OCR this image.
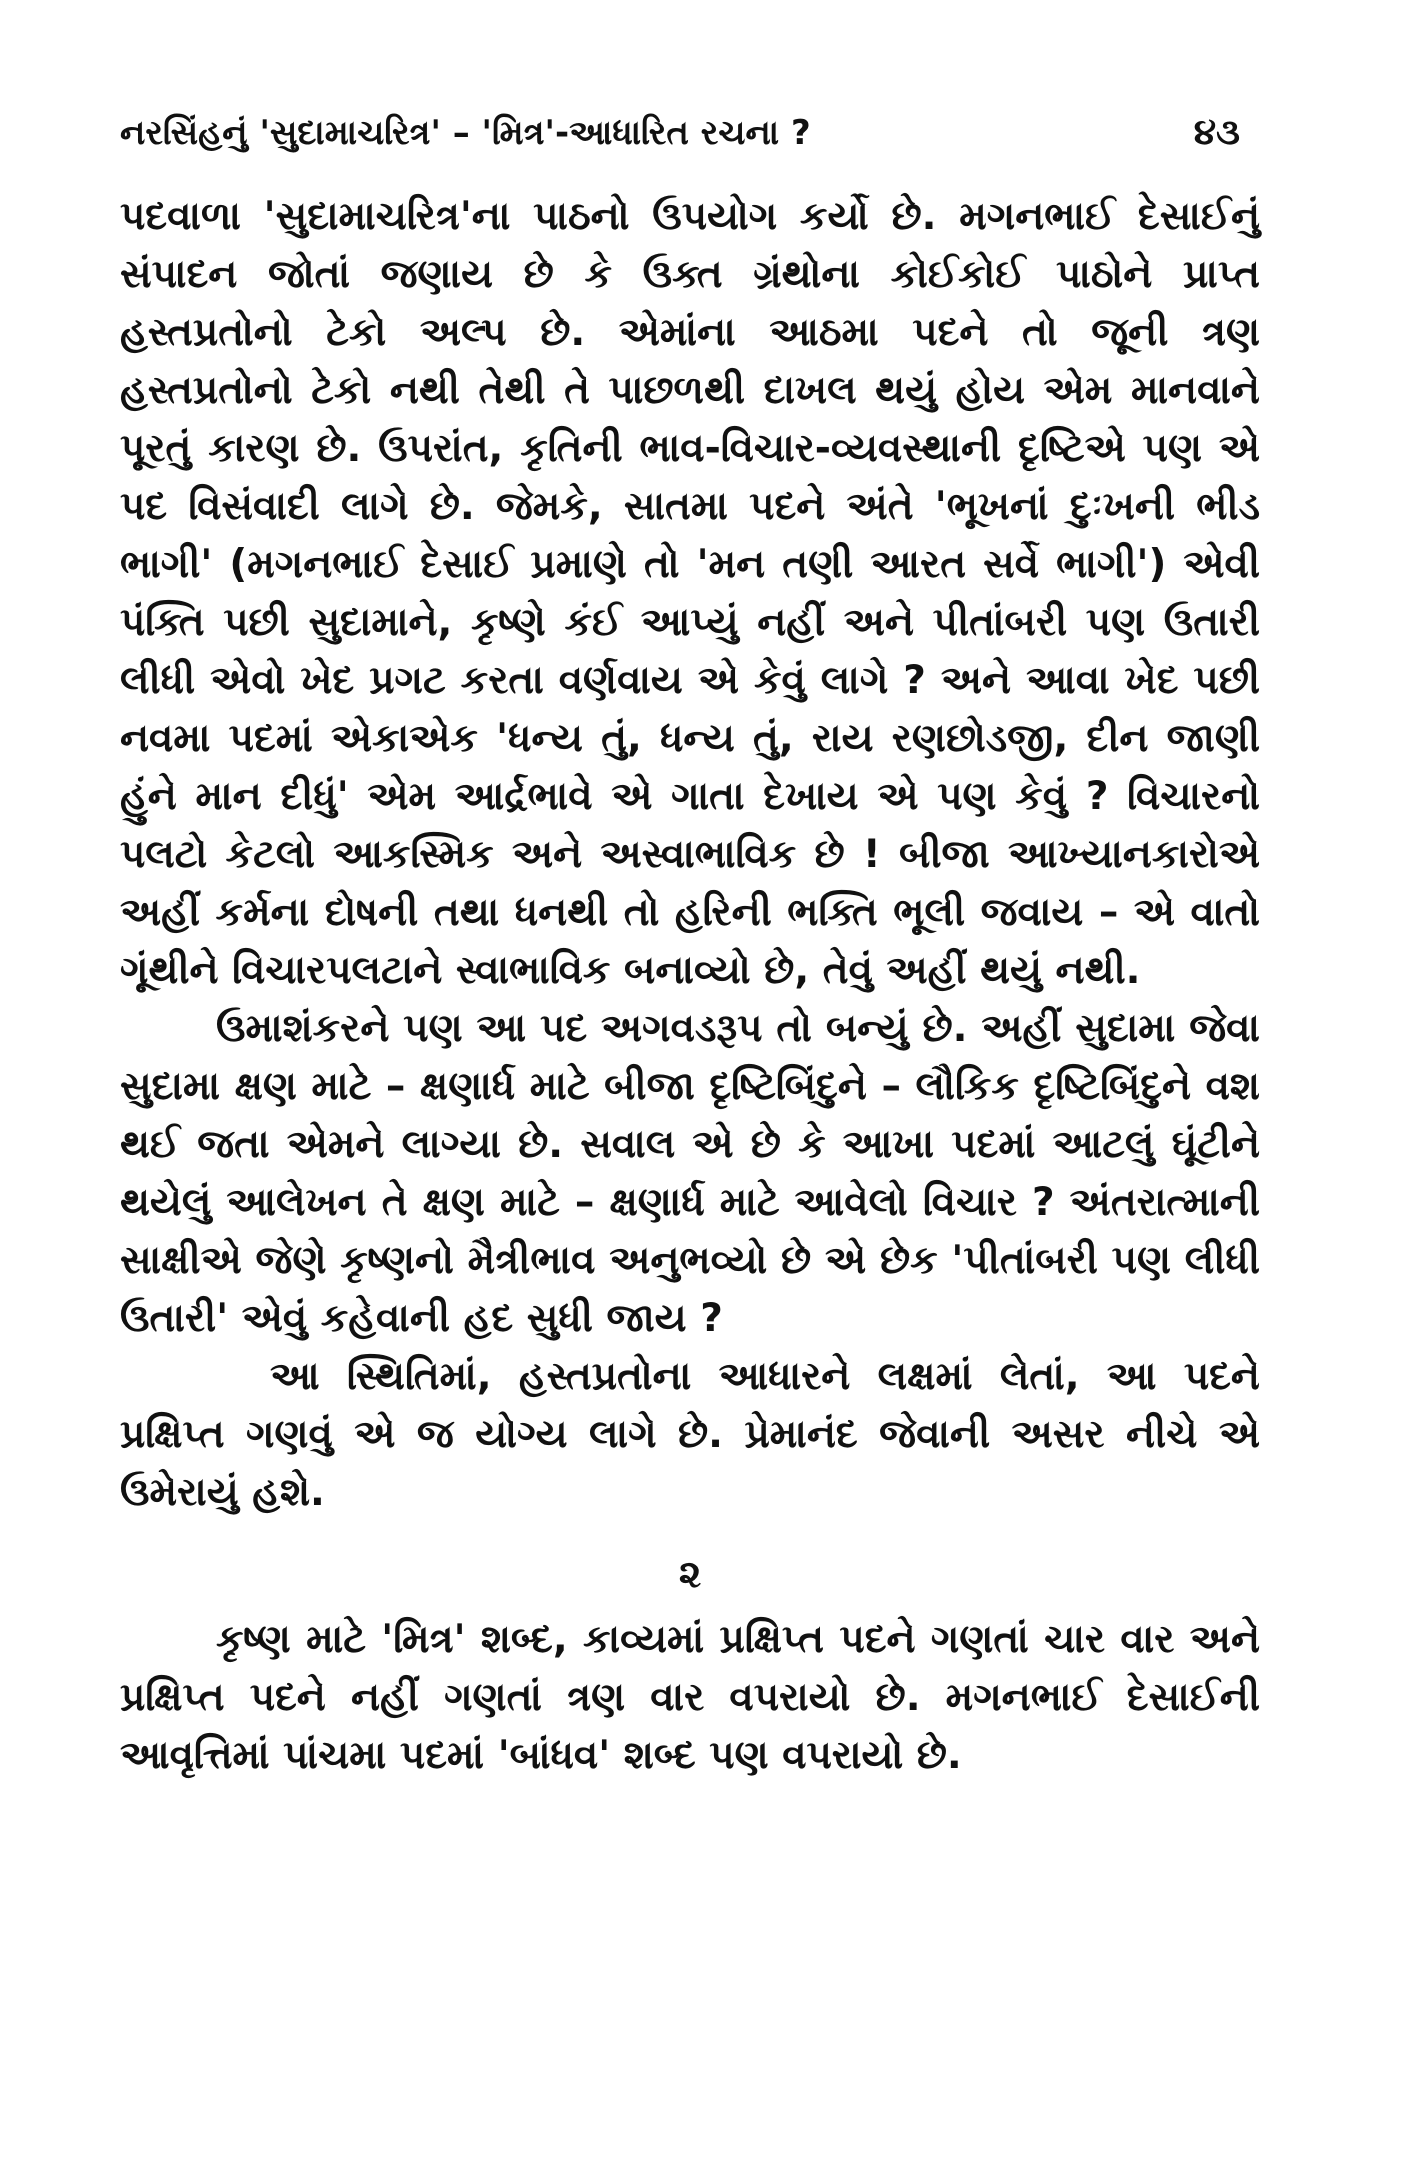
નરસિંહનું 'સુદામાચરિત્ર' – 'મિત્ર'-આધારિત રચના ?	૪૩

પદવાળા 'સુદામાચરિત્ર'ના પાઠનો ઉપયોગ કર્યો છે. મગનભાઈ દેસાઈનું સંપાદન જોતાં જણાય છે કે ઉક્ત ગ્રંથોના કોઈકોઈ પાઠોને પ્રાપ્ત હસ્તપ્રતોનો ટેકો અલ્પ છે. એમાંના આઠમા પદને તો જૂની ત્રણ હસ્તપ્રતોનો ટેકો નથી તેથી તે પાછળથી દાખલ થયું હોય એમ માનવાને પૂરતું કારણ છે. ઉપરાંત, કૃતિની ભાવ-વિચાર-વ્યવસ્થાની દૃષ્ટિએ પણ એ પદ વિસંવાદી લાગે છે. જેમકે, સાતમા પદને અંતે 'ભૂખનાં દુઃખની ભીડ ભાગી' (મગનભાઈ દેસાઈ પ્રમાણે તો 'મન તણી આરત સર્વે ભાગી') એવી પંક્તિ પછી સુદામાને, કૃષ્ણે કંઈ આપ્યું નહીં અને પીતાંબરી પણ ઉતારી લીધી એવો ખેદ પ્રગટ કરતા વર્ણવાય એ કેવું લાગે ? અને આવા ખેદ પછી નવમા પદમાં એકાએક 'ધન્ય તું, ધન્ય તું, રાય રણછોડજી, દીન જાણી હુંને માન દીધું' એમ આર્દ્રભાવે એ ગાતા દેખાય એ પણ કેવું ? વિચારનો પલટો કેટલો આકસ્મિક અને અસ્વાભાવિક છે ! બીજા આખ્યાનકારોએ અહીં કર્મના દોષની તથા ધનથી તો હરિની ભક્તિ ભૂલી જવાય – એ વાતો ગૂંથીને વિચારપલટાને સ્વાભાવિક બનાવ્યો છે, તેવું અહીં થયું નથી.

ઉમાશંકરને પણ આ પદ અગવડરૂપ તો બન્યું છે. અહીં સુદામા જેવા સુદામા ક્ષણ માટે – ક્ષણાર્ધ માટે બીજા દૃષ્ટિબિંદુને – લૌકિક દૃષ્ટિબિંદુને વશ થઈ જતા એમને લાગ્યા છે. સવાલ એ છે કે આખા પદમાં આટલું ઘૂંટીને થયેલું આલેખન તે ક્ષણ માટે – ક્ષણાર્ધ માટે આવેલો વિચાર ? અંતરાત્માની સાક્ષીએ જેણે કૃષ્ણનો મૈત્રીભાવ અનુભવ્યો છે એ છેક 'પીતાંબરી પણ લીધી ઉતારી' એવું કહેવાની હદ સુધી જાય ?

આ સ્થિતિમાં, હસ્તપ્રતોના આધારને લક્ષમાં લેતાં, આ પદને પ્રક્ષિપ્ત ગણવું એ જ યોગ્ય લાગે છે. પ્રેમાનંદ જેવાની અસર નીચે એ ઉમેરાયું હશે.

૨

કૃષ્ણ માટે 'મિત્ર' શબ્દ, કાવ્યમાં પ્રક્ષિપ્ત પદને ગણતાં ચાર વાર અને પ્રક્ષિપ્ત પદને નહીં ગણતાં ત્રણ વાર વપરાયો છે. મગનભાઈ દેસાઈની આવૃત્તિમાં પાંચમા પદમાં 'બાંધવ' શબ્દ પણ વપરાયો છે.
